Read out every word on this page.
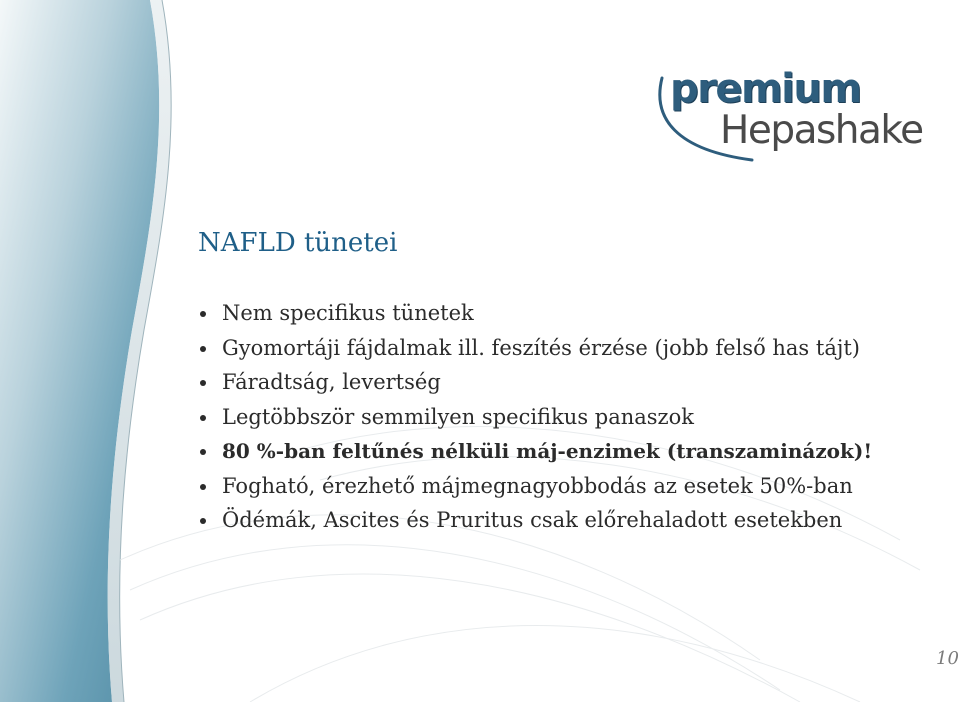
premium
Hepashake
NAFLD tünetei
Nem specifikus tünetek
Gyomortáji fájdalmak ill. feszítés érzése (jobb felső has tájt)
Fáradtság, levertség
Legtöbbször semmilyen specifikus panaszok
80 %-ban feltűnés nélküli máj-enzimek (transzaminázok)!
Fogható, érezhető májmegnagyobbodás az esetek 50%-ban
Ödémák, Ascites és Pruritus csak előrehaladott esetekben
10
